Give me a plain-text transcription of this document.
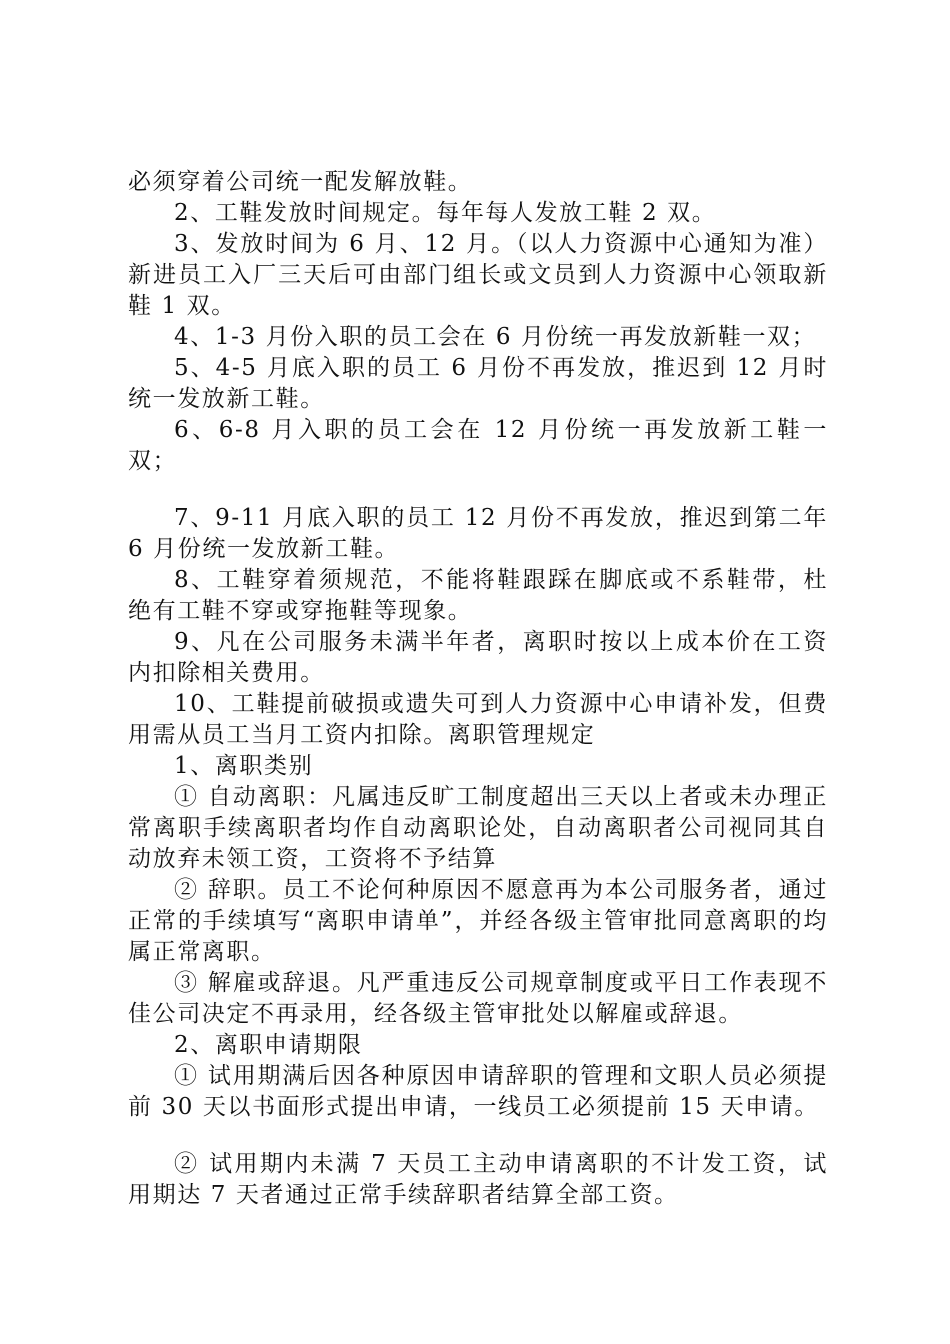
必须穿着公司统一配发解放鞋。

2、工鞋发放时间规定。每年每人发放工鞋 2 双。

3、发放时间为 6 月、12 月。（以人力资源中心通知为准）新进员工入厂三天后可由部门组长或文员到人力资源中心领取新鞋 1 双。

4、1-3 月份入职的员工会在 6 月份统一再发放新鞋一双；

5、4-5 月底入职的员工 6 月份不再发放，推迟到 12 月时统一发放新工鞋。

6、6-8 月入职的员工会在 12 月份统一再发放新工鞋一双；

7、9-11 月底入职的员工 12 月份不再发放，推迟到第二年 6 月份统一发放新工鞋。

8、工鞋穿着须规范，不能将鞋跟踩在脚底或不系鞋带，杜绝有工鞋不穿或穿拖鞋等现象。

9、凡在公司服务未满半年者，离职时按以上成本价在工资内扣除相关费用。

10、工鞋提前破损或遗失可到人力资源中心申请补发，但费用需从员工当月工资内扣除。离职管理规定

1、离职类别

① 自动离职：凡属违反旷工制度超出三天以上者或未办理正常离职手续离职者均作自动离职论处，自动离职者公司视同其自动放弃未领工资，工资将不予结算

② 辞职。员工不论何种原因不愿意再为本公司服务者，通过正常的手续填写“离职申请单”，并经各级主管审批同意离职的均属正常离职。

③ 解雇或辞退。凡严重违反公司规章制度或平日工作表现不佳公司决定不再录用，经各级主管审批处以解雇或辞退。

2、离职申请期限

① 试用期满后因各种原因申请辞职的管理和文职人员必须提前 30 天以书面形式提出申请，一线员工必须提前 15 天申请。

② 试用期内未满 7 天员工主动申请离职的不计发工资，试用期达 7 天者通过正常手续辞职者结算全部工资。
